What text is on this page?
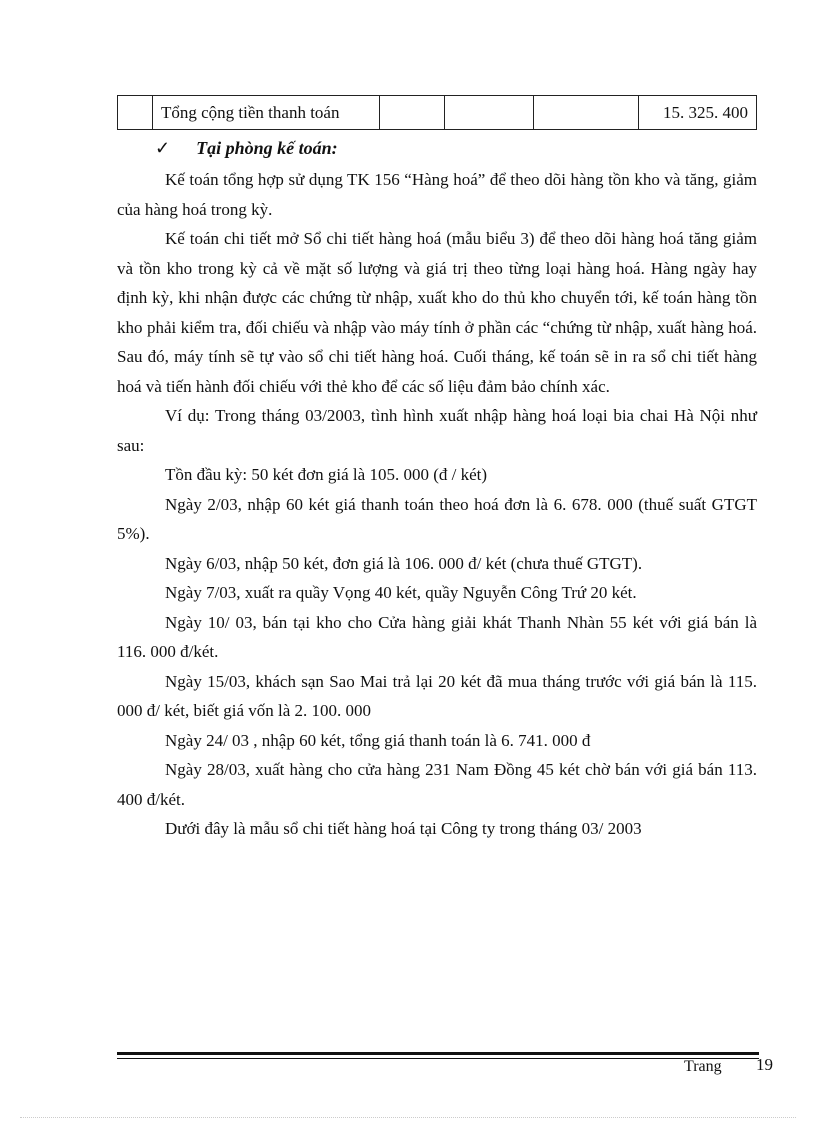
	Tổng cộng tiền thanh toán				15. 325. 400
✓ Tại phòng kế toán:

Kế toán tổng hợp sử dụng TK 156 “Hàng hoá” để theo dõi hàng tồn kho và tăng, giảm của hàng hoá trong kỳ.

Kế toán chi tiết mở Sổ chi tiết hàng hoá (mẫu biểu 3) để theo dõi hàng hoá tăng giảm và tồn kho trong kỳ cả về mặt số lượng và giá trị theo từng loại hàng hoá. Hàng ngày hay định kỳ, khi nhận được các chứng từ nhập, xuất kho do thủ kho chuyển tới, kế toán hàng tồn kho phải kiểm tra, đối chiếu và nhập vào máy tính ở phần các “chứng từ nhập, xuất hàng hoá. Sau đó, máy tính sẽ tự vào sổ chi tiết hàng hoá. Cuối tháng, kế toán sẽ in ra sổ chi tiết hàng hoá và tiến hành đối chiếu với thẻ kho để các số liệu đảm bảo chính xác.

Ví dụ: Trong tháng 03/2003, tình hình xuất nhập hàng hoá loại bia chai Hà Nội như sau:

Tồn đầu kỳ: 50 két đơn giá là 105. 000 (đ / két)

Ngày 2/03, nhập 60 két giá thanh toán theo hoá đơn là 6. 678. 000 (thuế suất GTGT 5%).

Ngày 6/03, nhập 50 két, đơn giá là 106. 000 đ/ két (chưa thuế GTGT).

Ngày 7/03, xuất ra quầy Vọng 40 két, quầy Nguyễn Công Trứ 20 két.

Ngày 10/ 03, bán tại kho cho Cửa hàng giải khát Thanh Nhàn 55 két với giá bán là 116. 000 đ/két.

Ngày 15/03, khách sạn Sao Mai trả lại 20 két đã mua tháng trước với giá bán là 115. 000 đ/ két, biết giá vốn là 2. 100. 000

Ngày 24/ 03 , nhập 60 két, tổng giá thanh toán là 6. 741. 000 đ

Ngày 28/03, xuất hàng cho cửa hàng 231 Nam Đồng 45 két chờ bán với giá bán 113. 400 đ/két.

Dưới đây là mẫu sổ chi tiết hàng hoá tại Công ty trong tháng 03/ 2003

Trang 19
